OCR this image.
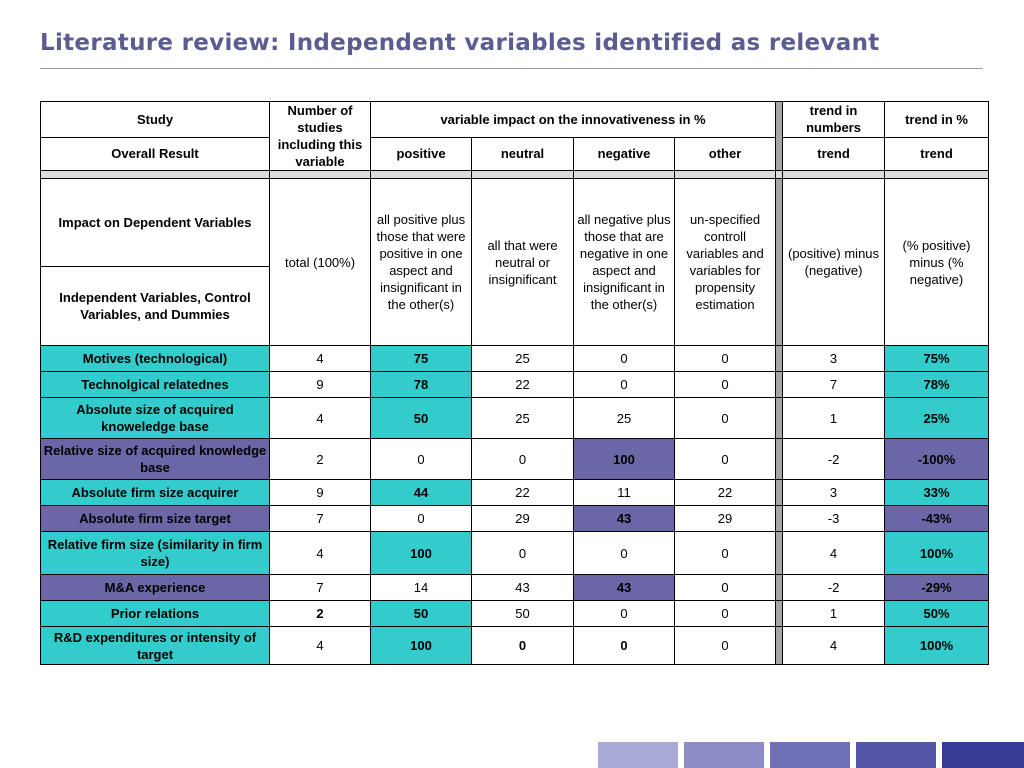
Literature review: Independent variables identified as relevant
Study	Number of studies including this variable	variable impact on the innovativeness in %					trend in numbers	trend in %
Overall Result		positive	neutral	negative	other		trend	trend

Impact on Dependent Variables	total (100%)	all positive plus those that were positive in one aspect and insignificant in the other(s)	all that were neutral or insignificant	all negative plus those that are negative in one aspect and insignificant in the other(s)	un-specified controll variables and variables for propensity estimation		(positive) minus (negative)	(% positive) minus (% negative)
Independent Variables, Control Variables, and Dummies								
Motives (technological)	4	75	25	0	0		3	75%
Technolgical relatednes	9	78	22	0	0		7	78%
Absolute size of acquired knoweledge base	4	50	25	25	0		1	25%
Relative size of acquired knowledge base	2	0	0	100	0		-2	-100%
Absolute firm size acquirer	9	44	22	11	22		3	33%
Absolute firm size target	7	0	29	43	29		-3	-43%
Relative firm size (similarity in firm size)	4	100	0	0	0		4	100%
M&A experience	7	14	43	43	0		-2	-29%
Prior relations	2	50	50	0	0		1	50%
R&D expenditures or intensity of target	4	100	0	0	0		4	100%
